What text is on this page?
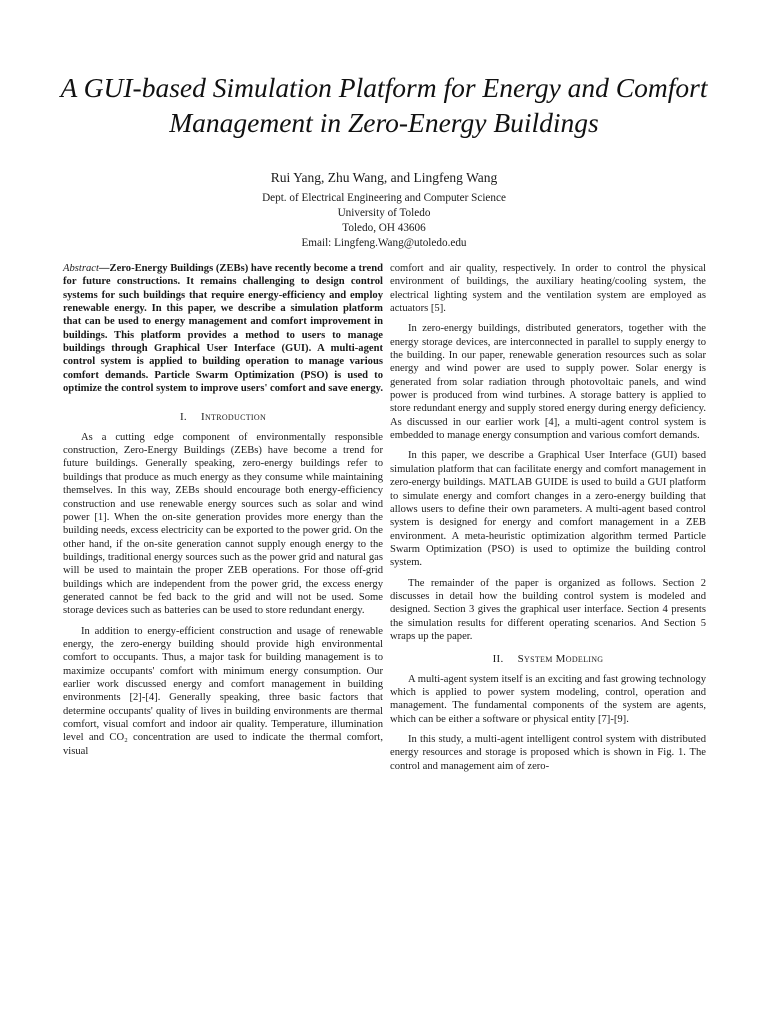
A GUI-based Simulation Platform for Energy and Comfort Management in Zero-Energy Buildings

Rui Yang, Zhu Wang, and Lingfeng Wang

Dept. of Electrical Engineering and Computer Science
University of Toledo
Toledo, OH 43606
Email: Lingfeng.Wang@utoledo.edu

Abstract—Zero-Energy Buildings (ZEBs) have recently become a trend for future constructions. It remains challenging to design control systems for such buildings that require energy-efficiency and employ renewable energy. In this paper, we describe a simulation platform that can be used to energy management and comfort improvement in buildings. This platform provides a method to users to manage buildings through Graphical User Interface (GUI). A multi-agent control system is applied to building operation to manage various comfort demands. Particle Swarm Optimization (PSO) is used to optimize the control system to improve users' comfort and save energy.

I. Introduction

As a cutting edge component of environmentally responsible construction, Zero-Energy Buildings (ZEBs) have become a trend for future buildings. Generally speaking, zero-energy buildings refer to buildings that produce as much energy as they consume while maintaining themselves. In this way, ZEBs should encourage both energy-efficiency construction and use renewable energy sources such as solar and wind power [1]. When the on-site generation provides more energy than the building needs, excess electricity can be exported to the power grid. On the other hand, if the on-site generation cannot supply enough energy to the buildings, traditional energy sources such as the power grid and natural gas will be used to maintain the proper ZEB operations. For those off-grid buildings which are independent from the power grid, the excess energy generated cannot be fed back to the grid and will not be used. Some storage devices such as batteries can be used to store redundant energy.

In addition to energy-efficient construction and usage of renewable energy, the zero-energy building should provide high environmental comfort to occupants. Thus, a major task for building management is to maximize occupants' comfort with minimum energy consumption. Our earlier work discussed energy and comfort management in building environments [2]-[4]. Generally speaking, three basic factors that determine occupants' quality of lives in building environments are thermal comfort, visual comfort and indoor air quality. Temperature, illumination level and CO₂ concentration are used to indicate the thermal comfort, visual

comfort and air quality, respectively. In order to control the physical environment of buildings, the auxiliary heating/cooling system, the electrical lighting system and the ventilation system are employed as actuators [5].

In zero-energy buildings, distributed generators, together with the energy storage devices, are interconnected in parallel to supply energy to the building. In our paper, renewable generation resources such as solar energy and wind power are used to supply power. Solar energy is generated from solar radiation through photovoltaic panels, and wind power is produced from wind turbines. A storage battery is applied to store redundant energy and supply stored energy during energy deficiency. As discussed in our earlier work [4], a multi-agent control system is embedded to manage energy consumption and various comfort demands.

In this paper, we describe a Graphical User Interface (GUI) based simulation platform that can facilitate energy and comfort management in zero-energy buildings. MATLAB GUIDE is used to build a GUI platform to simulate energy and comfort changes in a zero-energy building that allows users to define their own parameters. A multi-agent based control system is designed for energy and comfort management in a ZEB environment. A meta-heuristic optimization algorithm termed Particle Swarm Optimization (PSO) is used to optimize the building control system.

The remainder of the paper is organized as follows. Section 2 discusses in detail how the building control system is modeled and designed. Section 3 gives the graphical user interface. Section 4 presents the simulation results for different operating scenarios. And Section 5 wraps up the paper.

II. System Modeling

A multi-agent system itself is an exciting and fast growing technology which is applied to power system modeling, control, operation and management. The fundamental components of the system are agents, which can be either a software or physical entity [7]-[9].

In this study, a multi-agent intelligent control system with distributed energy resources and storage is proposed which is shown in Fig. 1. The control and management aim of zero-
